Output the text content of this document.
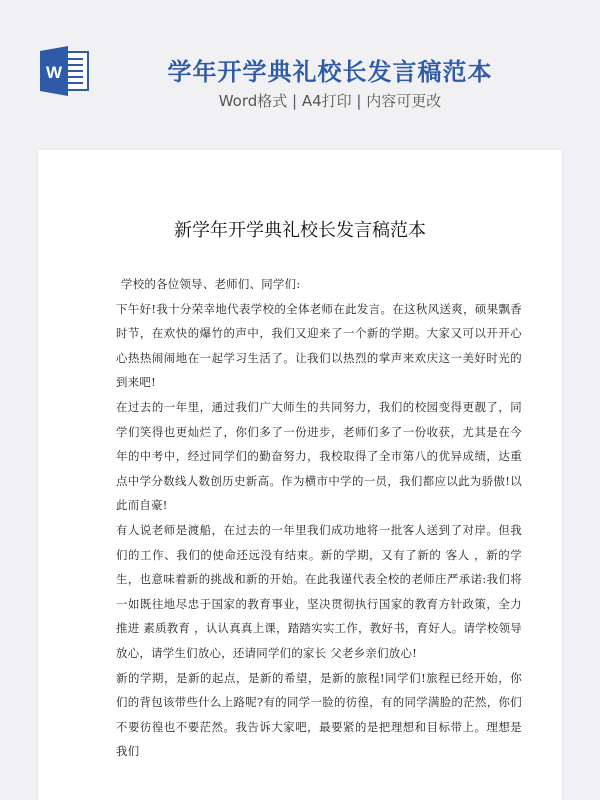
W	学年开学典礼校长发言稿范本
Word格式 | A4打印 | 内容可更改
新学年开学典礼校长发言稿范本

学校的各位领导、老师们、同学们:

下午好!我十分荣幸地代表学校的全体老师在此发言。在这秋风送爽，硕果飘香时节，在欢快的爆竹的声中，我们又迎来了一个新的学期。大家又可以开开心心热热闹闹地在一起学习生活了。让我们以热烈的掌声来欢庆这一美好时光的到来吧!

在过去的一年里，通过我们广大师生的共同努力，我们的校园变得更靓了，同学们笑得也更灿烂了，你们多了一份进步，老师们多了一份收获，尤其是在今年的中考中，经过同学们的勤奋努力，我校取得了全市第八的优异成绩，达重点中学分数线人数创历史新高。作为横市中学的一员，我们都应以此为骄傲!以此而自豪!

有人说老师是渡船，在过去的一年里我们成功地将一批客人送到了对岸。但我们的工作、我们的使命还远没有结束。新的学期，又有了新的 客人 ，新的学生，也意味着新的挑战和新的开始。在此我谨代表全校的老师庄严承诺:我们将一如既往地尽忠于国家的教育事业，坚决贯彻执行国家的教育方针政策，全力推进 素质教育 ，认认真真上课，踏踏实实工作，教好书，育好人。请学校领导放心，请学生们放心，还请同学们的家长 父老乡亲们放心!

新的学期，是新的起点，是新的希望，是新的旅程!同学们!旅程已经开始，你们的背包该带些什么上路呢?有的同学一脸的彷徨，有的同学满脸的茫然，你们不要彷徨也不要茫然。我告诉大家吧，最要紧的是把理想和目标带上。理想是我们
